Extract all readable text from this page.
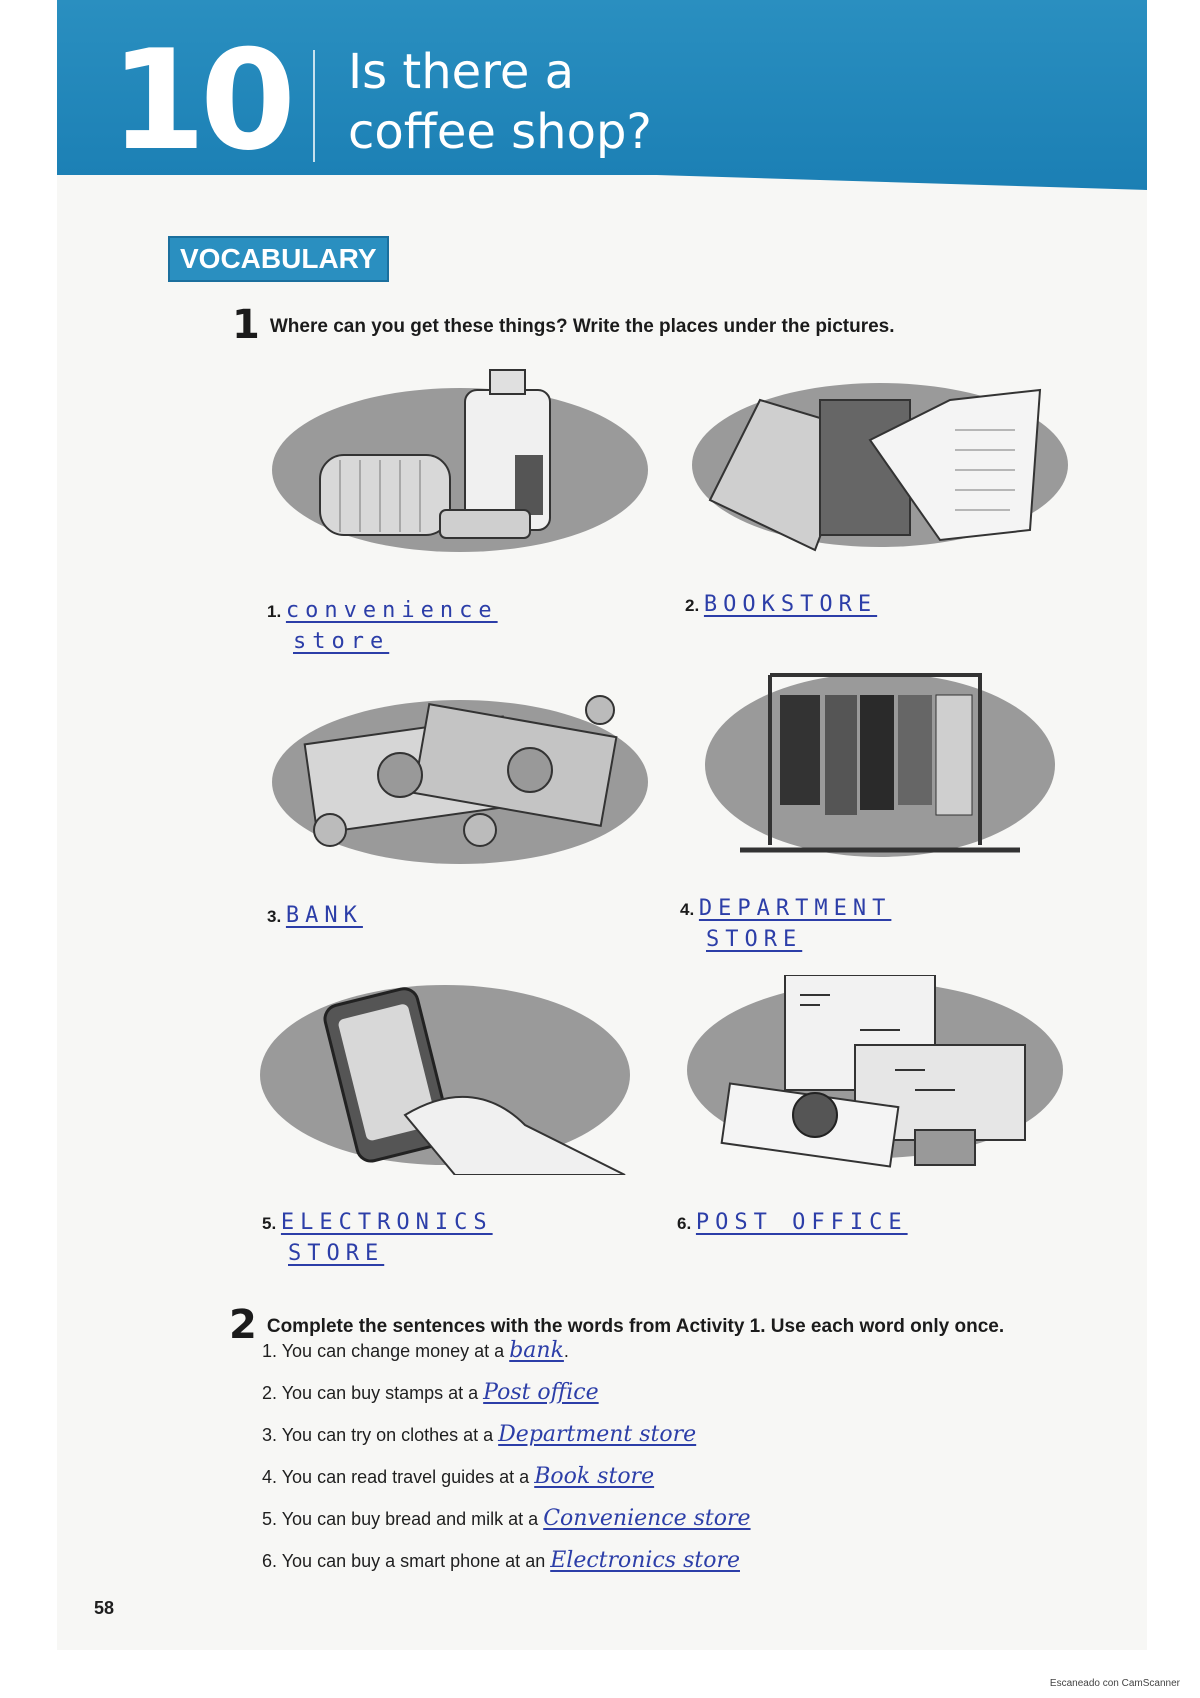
10 Is there a
coffee shop?
VOCABULARY
1 Where can you get these things? Write the places under the pictures.
1. convenience
store
2. BOOKSTORE
3. BANK	4. DEPARTMENT
STORE
5. ELECTRONICS
STORE
6. POST OFFICE
2 Complete the sentences with the words from Activity 1. Use each word only once.
1. You can change money at a bank.
2. You can buy stamps at a Post office
3. You can try on clothes at a Department store
4. You can read travel guides at a Book store
5. You can buy bread and milk at a Convenience store
6. You can buy a smart phone at an Electronics store
58
Escaneado con CamScanner
